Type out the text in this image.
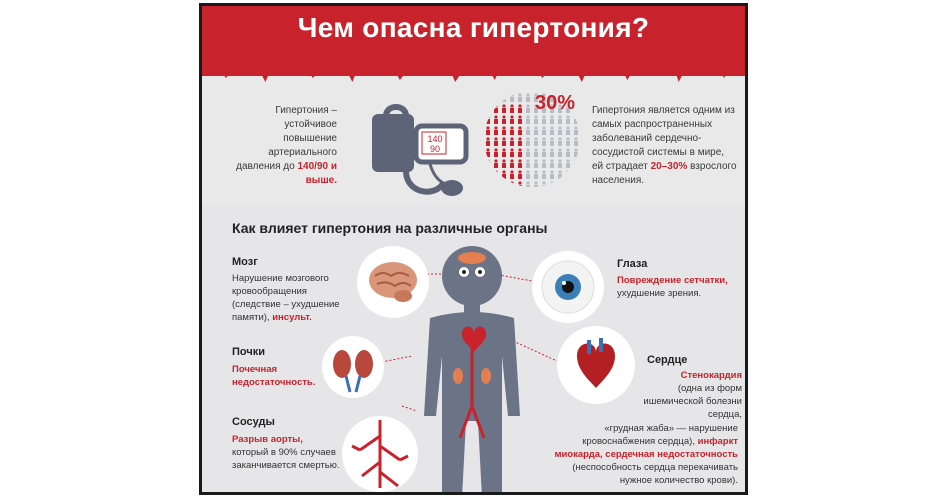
Чем опасна гипертония?
Гипертония – устойчивое повышение артериального давления до 140/90 и выше.
140
90
30% Гипертония является одним из самых распространенных заболеваний сердечно-сосудистой системы в мире, ей страдает 20–30% взрослого населения.
Как влияет гипертония на различные органы
Мозг
Нарушение мозгового кровообращения (следствие – ухудшение памяти), инсульт.
Почки
Почечная недостаточность.
Сосуды
Разрыв аорты, который в 90% случаев заканчивается смертью.
Глаза
Повреждение сетчатки, ухудшение зрения.
Сердце
Стенокардия
(одна из форм ишемической болезни сердца,
«грудная жаба» — нарушение кровоснабжения сердца), инфаркт миокарда, сердечная недостаточность
(неспособность сердца перекачивать нужное количество крови).
